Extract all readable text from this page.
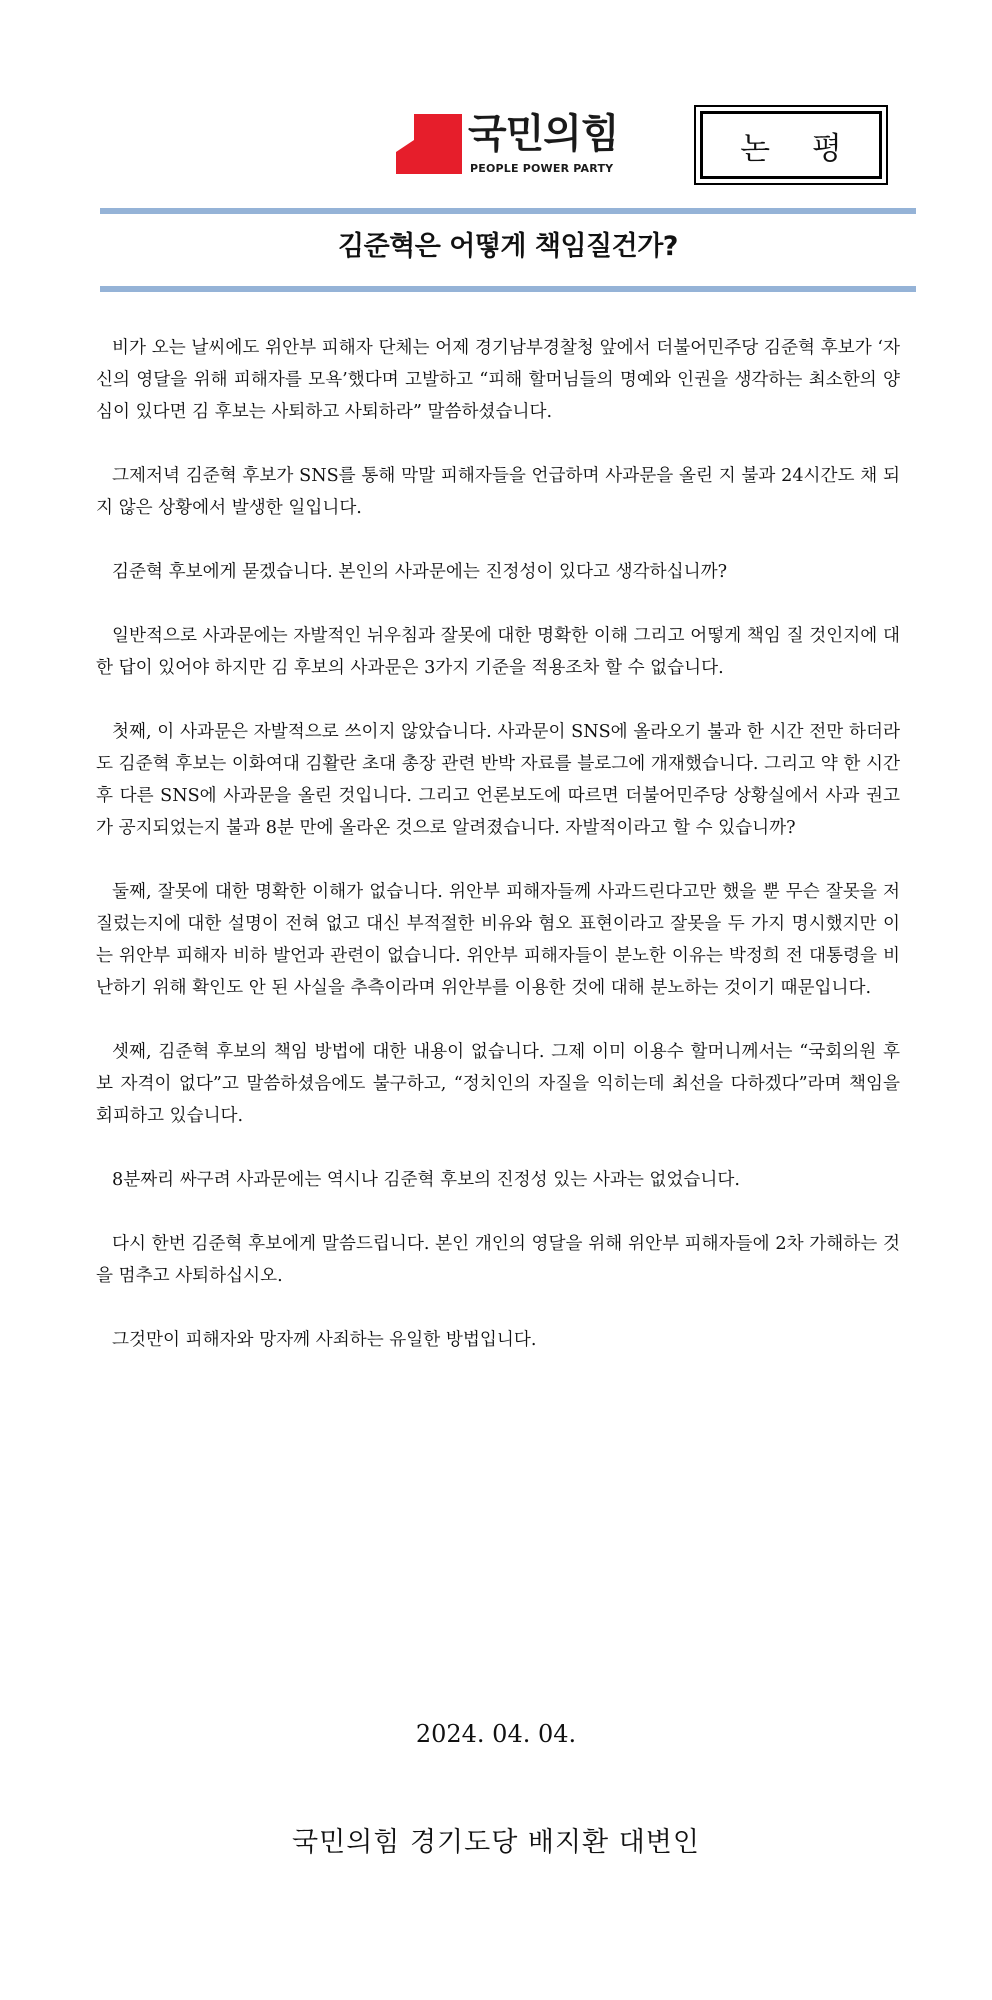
국민의힘
PEOPLE POWER PARTY
논 평
김준혁은 어떻게 책임질건가?

비가 오는 날씨에도 위안부 피해자 단체는 어제 경기남부경찰청 앞에서 더불어민주당 김준혁 후보가 ‘자신의 영달을 위해 피해자를 모욕’했다며 고발하고 “피해 할머님들의 명예와 인권을 생각하는 최소한의 양심이 있다면 김 후보는 사퇴하고 사퇴하라” 말씀하셨습니다.

그제저녁 김준혁 후보가 SNS를 통해 막말 피해자들을 언급하며 사과문을 올린 지 불과 24시간도 채 되지 않은 상황에서 발생한 일입니다.

김준혁 후보에게 묻겠습니다. 본인의 사과문에는 진정성이 있다고 생각하십니까?

일반적으로 사과문에는 자발적인 뉘우침과 잘못에 대한 명확한 이해 그리고 어떻게 책임 질 것인지에 대한 답이 있어야 하지만 김 후보의 사과문은 3가지 기준을 적용조차 할 수 없습니다.

첫째, 이 사과문은 자발적으로 쓰이지 않았습니다. 사과문이 SNS에 올라오기 불과 한 시간 전만 하더라도 김준혁 후보는 이화여대 김활란 초대 총장 관련 반박 자료를 블로그에 개재했습니다. 그리고 약 한 시간 후 다른 SNS에 사과문을 올린 것입니다. 그리고 언론보도에 따르면 더불어민주당 상황실에서 사과 권고가 공지되었는지 불과 8분 만에 올라온 것으로 알려졌습니다. 자발적이라고 할 수 있습니까?

둘째, 잘못에 대한 명확한 이해가 없습니다. 위안부 피해자들께 사과드린다고만 했을 뿐 무슨 잘못을 저질렀는지에 대한 설명이 전혀 없고 대신 부적절한 비유와 혐오 표현이라고 잘못을 두 가지 명시했지만 이는 위안부 피해자 비하 발언과 관련이 없습니다. 위안부 피해자들이 분노한 이유는 박정희 전 대통령을 비난하기 위해 확인도 안 된 사실을 추측이라며 위안부를 이용한 것에 대해 분노하는 것이기 때문입니다.

셋째, 김준혁 후보의 책임 방법에 대한 내용이 없습니다. 그제 이미 이용수 할머니께서는 “국회의원 후보 자격이 없다”고 말씀하셨음에도 불구하고, “정치인의 자질을 익히는데 최선을 다하겠다”라며 책임을 회피하고 있습니다.

8분짜리 싸구려 사과문에는 역시나 김준혁 후보의 진정성 있는 사과는 없었습니다.

다시 한번 김준혁 후보에게 말씀드립니다. 본인 개인의 영달을 위해 위안부 피해자들에 2차 가해하는 것을 멈추고 사퇴하십시오.

그것만이 피해자와 망자께 사죄하는 유일한 방법입니다.

2024. 04. 04.
국민의힘 경기도당 배지환 대변인
